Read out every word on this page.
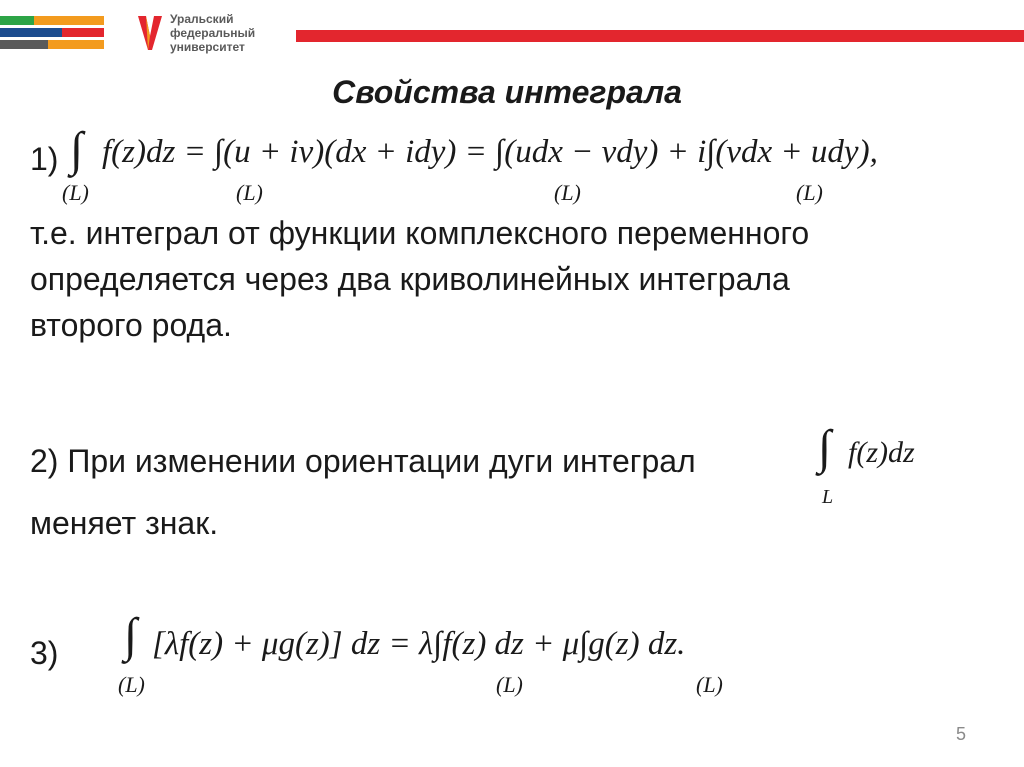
Уральский
федеральный
университет
Свойства интеграла
1) ∫
(L)	(L)	(L)	(L)
f(z)dz = ∫(u + iv)(dx + idy) = ∫(udx − vdy) + i∫(vdx + udy),
т.е. интеграл от функции комплексного переменного
определяется через два криволинейных интеграла
второго рода.
2) При изменении ориентации дуги интеграл	∫
L
f(z)dz
меняет знак.
3) ∫
(L)	(L)	(L)
[λf(z) + μg(z)] dz = λ∫f(z) dz + μ∫g(z) dz.
5
